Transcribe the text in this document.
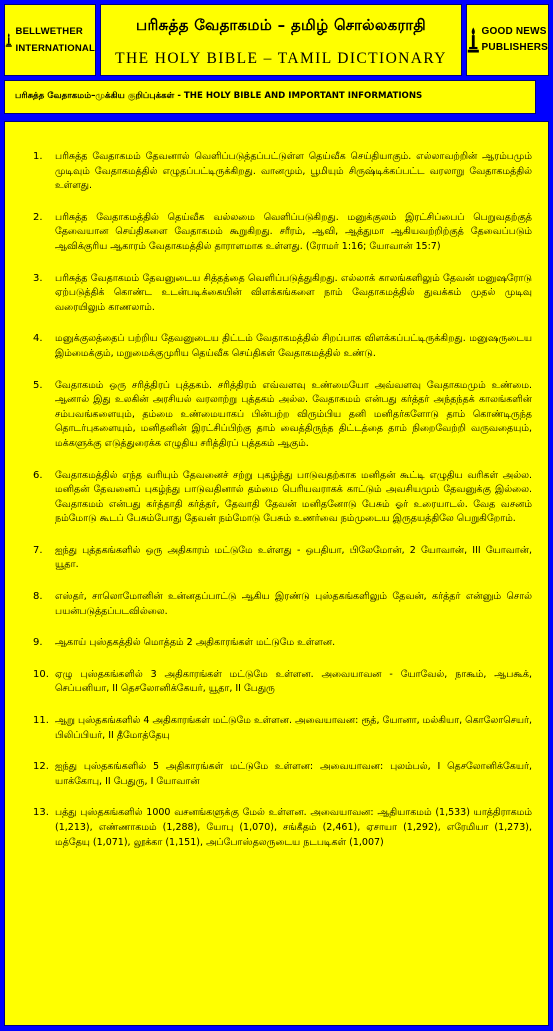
BELLWETHER
INTERNATIONAL
பரிசுத்த வேதாகமம் – தமிழ் சொல்லகராதி
THE HOLY BIBLE – TAMIL DICTIONARY
GOOD NEWS
PUBLISHERS
பரிசுத்த வேதாகமம்–முக்கிய குறிப்புக்கள் - THE HOLY BIBLE AND IMPORTANT INFORMATIONS
1. பரிசுத்த வேதாகமம் தேவனால் வெளிப்படுத்தப்பட்டுள்ள தெய்வீக செய்தியாகும். எல்லாவற்றின் ஆரம்பமும் முடிவும் வேதாகமத்தில் எழுதப்பட்டிருக்கிறது. வானமும், பூமியும் சிருஷ்டிக்கப்பட்ட வரலாறு வேதாகமத்தில் உள்ளது.
2. பரிசுத்த வேதாகமத்தில் தெய்வீக வல்லமை வெளிப்படுகிறது. மனுக்குலம் இரட்சிப்பைப் பெறுவதற்குத் தேவையான செய்திகளை வேதாகமம் கூறுகிறது. சரீரம், ஆவி, ஆத்துமா ஆகியவற்றிற்குத் தேவைப்படும் ஆவிக்குரிய ஆகாரம் வேதாகமத்தில் தாராளமாக உள்ளது. (ரோமர் 1:16; யோவான் 15:7)
3. பரிசுத்த வேதாகமம் தேவனுடைய சித்தத்தை வெளிப்படுத்துகிறது. எல்லாக் காலங்களிலும் தேவன் மனுஷரோடு ஏற்படுத்திக் கொண்ட உடன்படிக்கையின் விளக்கங்களை நாம் வேதாகமத்தில் துவக்கம் முதல் முடிவு வரையிலும் காணலாம்.
4. மனுக்குலத்தைப் பற்றிய தேவனுடைய திட்டம் வேதாகமத்தில் சிறப்பாக விளக்கப்பட்டிருக்கிறது. மனுஷருடைய இம்மைக்கும், மறுமைக்குமுரிய தெய்வீக செய்திகள் வேதாகமத்தில் உண்டு.
5. வேதாகமம் ஒரு சரித்திரப் புத்தகம். சரித்திரம் எவ்வளவு உண்மையோ அவ்வளவு வேதாகமமும் உண்மை. ஆனால் இது உலகின் அரசியல் வரலாற்று புத்தகம் அல்ல. வேதாகமம் என்பது கர்த்தர் அந்தந்தக் காலங்களின் சம்பவங்களையும், தம்மை உண்மையாகப் பின்பற்ற விரும்பிய தனி மனிதர்களோடு தாம் கொண்டிருந்த தொடர்புகளையும், மனிதனின் இரட்சிப்பிற்கு தாம் வைத்திருந்த திட்டத்தை தாம் நிறைவேற்றி வருவதையும், மக்களுக்கு எடுத்துரைக்க எழுதிய சரித்திரப் புத்தகம் ஆகும்.
6. வேதாகமத்தில் எந்த வரியும் தேவனைச் சற்று புகழ்ந்து பாடுவதற்காக மனிதன் கூட்டி எழுதிய வரிகள் அல்ல. மனிதன் தேவனைப் புகழ்ந்து பாடுவதினால் தம்மை பெரியவராகக் காட்டும் அவசியமும் தேவனுக்கு இல்லை. வேதாகமம் என்பது கர்த்தாதி கர்த்தர், தேவாதி தேவன் மனிதனோடு பேசும் ஓர் உரையாடல். வேத வசனம் நம்மோடு கூடப் பேசும்போது தேவன் நம்மோடு பேசும் உணர்வை நம்முடைய இருதயத்திலே பெறுகிறோம்.
7. ஐந்து புத்தகங்களில் ஒரு அதிகாரம் மட்டுமே உள்ளது - ஒபதியா, பிலேமோன், 2 யோவான், III யோவான், யூதா.
8. எஸ்தர், சாலொமோனின் உன்னதப்பாட்டு ஆகிய இரண்டு புஸ்தகங்களிலும் தேவன், கர்த்தர் என்னும் சொல் பயன்படுத்தப்படவில்லை.
9. ஆகாய் புஸ்தகத்தில் மொத்தம் 2 அதிகாரங்கள் மட்டுமே உள்ளன.
10. ஏழு புஸ்தகங்களில் 3 அதிகாரங்கள் மட்டுமே உள்ளன. அவையாவன - யோவேல், நாகூம், ஆபகூக், செப்பனியா, II தெசலோனிக்கேயர், யூதா, II பேதுரு
11. ஆறு புஸ்தகங்களில் 4 அதிகாரங்கள் மட்டுமே உள்ளன. அவையாவன: ரூத், யோனா, மல்கியா, கொலோசெயர், பிலிப்பியர், II தீமோத்தேயு
12. ஐந்து புஸ்தகங்களில் 5 அதிகாரங்கள் மட்டுமே உள்ளன: அவையாவன: புலம்பல், I தெசலோனிக்கேயர், யாக்கோபு, II பேதுரு, I யோவான்
13. பத்து புஸ்தகங்களில் 1000 வசனங்களுக்கு மேல் உள்ளன. அவையாவன: ஆதியாகமம் (1,533) யாத்திராகமம் (1,213), எண்ணாகமம் (1,288), யோபு (1,070), சங்கீதம் (2,461), ஏசாயா (1,292), எரேமியா (1,273), மத்தேயு (1,071), லூக்கா (1,151), அப்போஸ்தலருடைய நடபடிகள் (1,007)
